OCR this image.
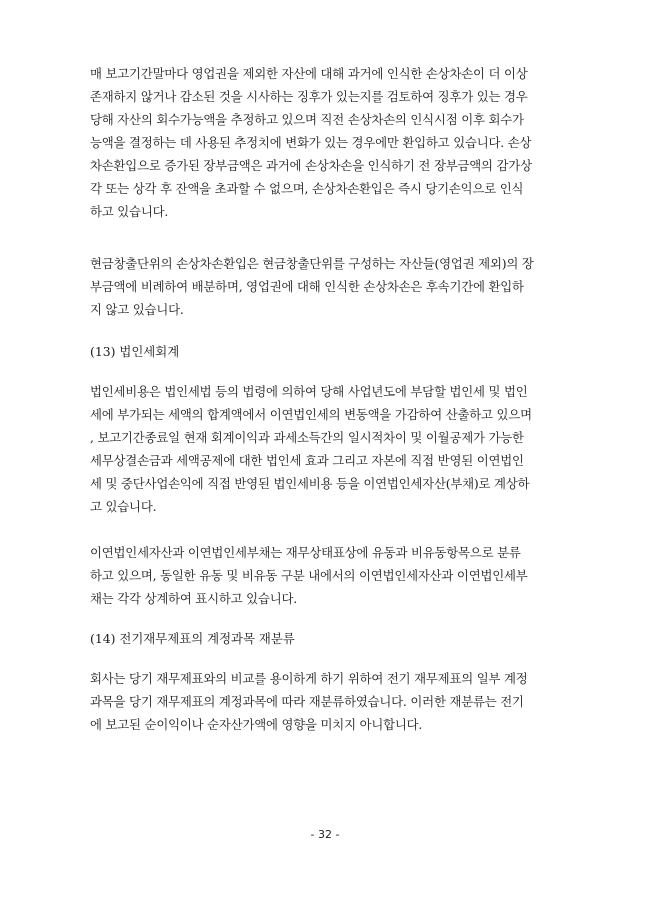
매 보고기간말마다 영업권을 제외한 자산에 대해 과거에 인식한 손상차손이 더 이상
존재하지 않거나 감소된 것을 시사하는 징후가 있는지를 검토하여 징후가 있는 경우
당해 자산의 회수가능액을 추정하고 있으며 직전 손상차손의 인식시점 이후 회수가
능액을 결정하는 데 사용된 추정치에 변화가 있는 경우에만 환입하고 있습니다. 손상
차손환입으로 증가된 장부금액은 과거에 손상차손을 인식하기 전 장부금액의 감가상
각 또는 상각 후 잔액을 초과할 수 없으며, 손상차손환입은 즉시 당기손익으로 인식
하고 있습니다.
현금창출단위의 손상차손환입은 현금창출단위를 구성하는 자산들(영업권 제외)의 장
부금액에 비례하여 배분하며, 영업권에 대해 인식한 손상차손은 후속기간에 환입하
지 않고 있습니다.
(13) 법인세회계
법인세비용은 법인세법 등의 법령에 의하여 당해 사업년도에 부담할 법인세 및 법인
세에 부가되는 세액의 합계액에서 이연법인세의 변동액을 가감하여 산출하고 있으며
, 보고기간종료일 현재 회계이익과 과세소득간의 일시적차이 및 이월공제가 가능한
세무상결손금과 세액공제에 대한 법인세 효과 그리고 자본에 직접 반영된 이연법인
세 및 중단사업손익에 직접 반영된 법인세비용 등을 이연법인세자산(부채)로 계상하
고 있습니다.
이연법인세자산과 이연법인세부채는 재무상태표상에 유동과 비유동항목으로 분류
하고 있으며, 동일한 유동 및 비유동 구분 내에서의 이연법인세자산과 이연법인세부
채는 각각 상계하여 표시하고 있습니다.
(14) 전기재무제표의 계정과목 재분류
회사는 당기 재무제표와의 비교를 용이하게 하기 위하여 전기 재무제표의 일부 계정
과목을 당기 재무제표의 계정과목에 따라 재분류하였습니다. 이러한 재분류는 전기
에 보고된 순이익이나 순자산가액에 영향을 미치지 아니합니다.
- 32 -
